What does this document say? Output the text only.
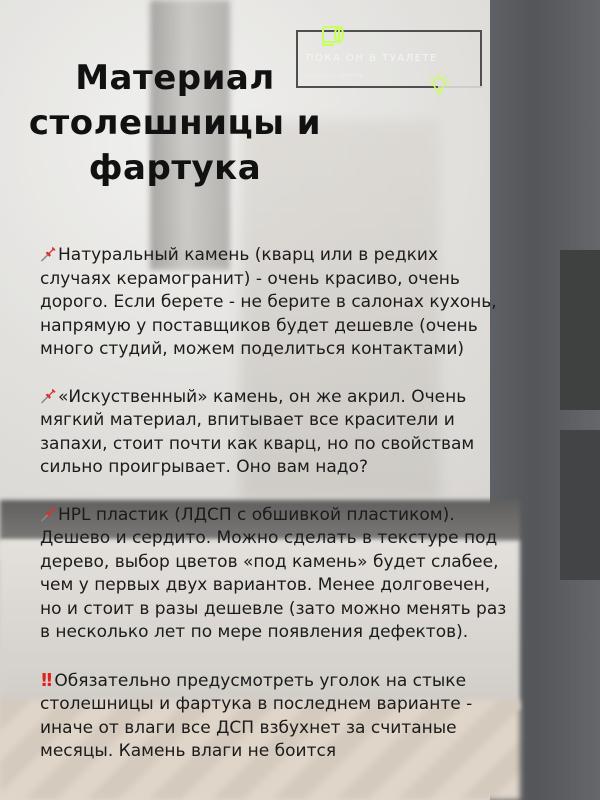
ПОКА ОН В ТУАЛЕТЕ
пока он в туалете
Материал
столешницы и
фартука

Натуральный камень (кварц или в редких случаях керамогранит) - очень красиво, очень дорого. Если берете - не берите в салонах кухонь, напрямую у поставщиков будет дешевле (очень много студий, можем поделиться контактами)

«Искуственный» камень, он же акрил. Очень мягкий материал, впитывает все красители и запахи, стоит почти как кварц, но по свойствам сильно проигрывает. Оно вам надо?

HPL пластик (ЛДСП с обшивкой пластиком). Дешево и сердито. Можно сделать в текстуре под дерево, выбор цветов «под камень» будет слабее, чем у первых двух вариантов. Менее долговечен, но и стоит в разы дешевле (зато можно менять раз в несколько лет по мере появления дефектов).

!! Обязательно предусмотреть уголок на стыке столешницы и фартука в последнем варианте - иначе от влаги все ДСП взбухнет за считаные месяцы. Камень влаги не боится
